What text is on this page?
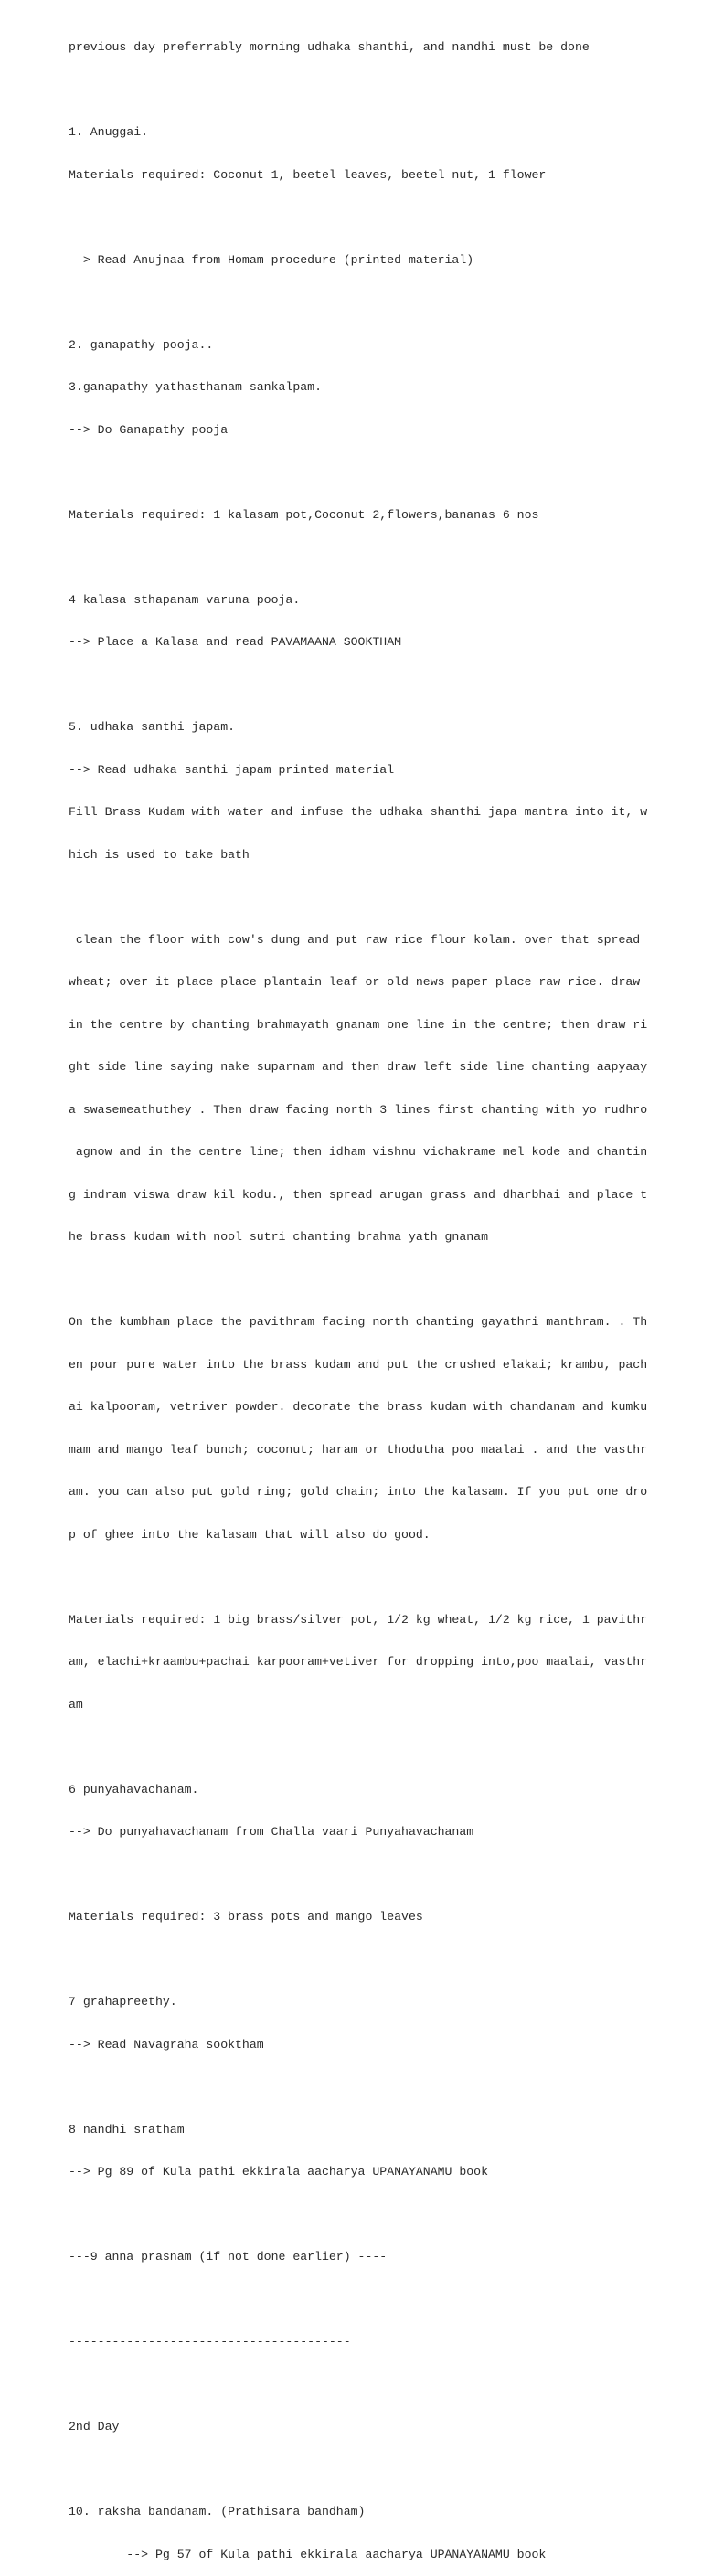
previous day preferrably morning udhaka shanthi, and nandhi must be done

1. Anuggai.

Materials required: Coconut 1, beetel leaves, beetel nut, 1 flower

--> Read Anujnaa from Homam procedure (printed material)

2. ganapathy pooja..

3.ganapathy yathasthanam sankalpam.

--> Do Ganapathy pooja

Materials required: 1 kalasam pot,Coconut 2,flowers,bananas 6 nos

4 kalasa sthapanam varuna pooja.

--> Place a Kalasa and read PAVAMAANA SOOKTHAM

5. udhaka santhi japam.

--> Read udhaka santhi japam printed material

Fill Brass Kudam with water and infuse the udhaka shanthi japa mantra into it, w

hich is used to take bath

clean the floor with cow's dung and put raw rice flour kolam. over that spread

wheat; over it place place plantain leaf or old news paper place raw rice. draw

in the centre by chanting brahmayath gnanam one line in the centre; then draw ri

ght side line saying nake suparnam and then draw left side line chanting aapyaay

a swasemeathuthey . Then draw facing north 3 lines first chanting with yo rudhro

agnow and in the centre line; then idham vishnu vichakrame mel kode and chantin

g indram viswa draw kil kodu., then spread arugan grass and dharbhai and place t

he brass kudam with nool sutri chanting brahma yath gnanam

On the kumbham place the pavithram facing north chanting gayathri manthram. . Th

en pour pure water into the brass kudam and put the crushed elakai; krambu, pach

ai kalpooram, vetriver powder. decorate the brass kudam with chandanam and kumku

mam and mango leaf bunch; coconut; haram or thodutha poo maalai . and the vasthr

am. you can also put gold ring; gold chain; into the kalasam. If you put one dro

p of ghee into the kalasam that will also do good.

Materials required: 1 big brass/silver pot, 1/2 kg wheat, 1/2 kg rice, 1 pavithr

am, elachi+kraambu+pachai karpooram+vetiver for dropping into,poo maalai, vasthr

am

6 punyahavachanam.

--> Do punyahavachanam from Challa vaari Punyahavachanam

Materials required: 3 brass pots and mango leaves

7 grahapreethy.

--> Read Navagraha sooktham

8 nandhi sratham

--> Pg 89 of Kula pathi ekkirala aacharya UPANAYANAMU book

---9 anna prasnam (if not done earlier) ----

---------------------------------------

2nd Day

10. raksha bandanam. (Prathisara bandham)

--> Pg 57 of Kula pathi ekkirala aacharya UPANAYANAMU book
